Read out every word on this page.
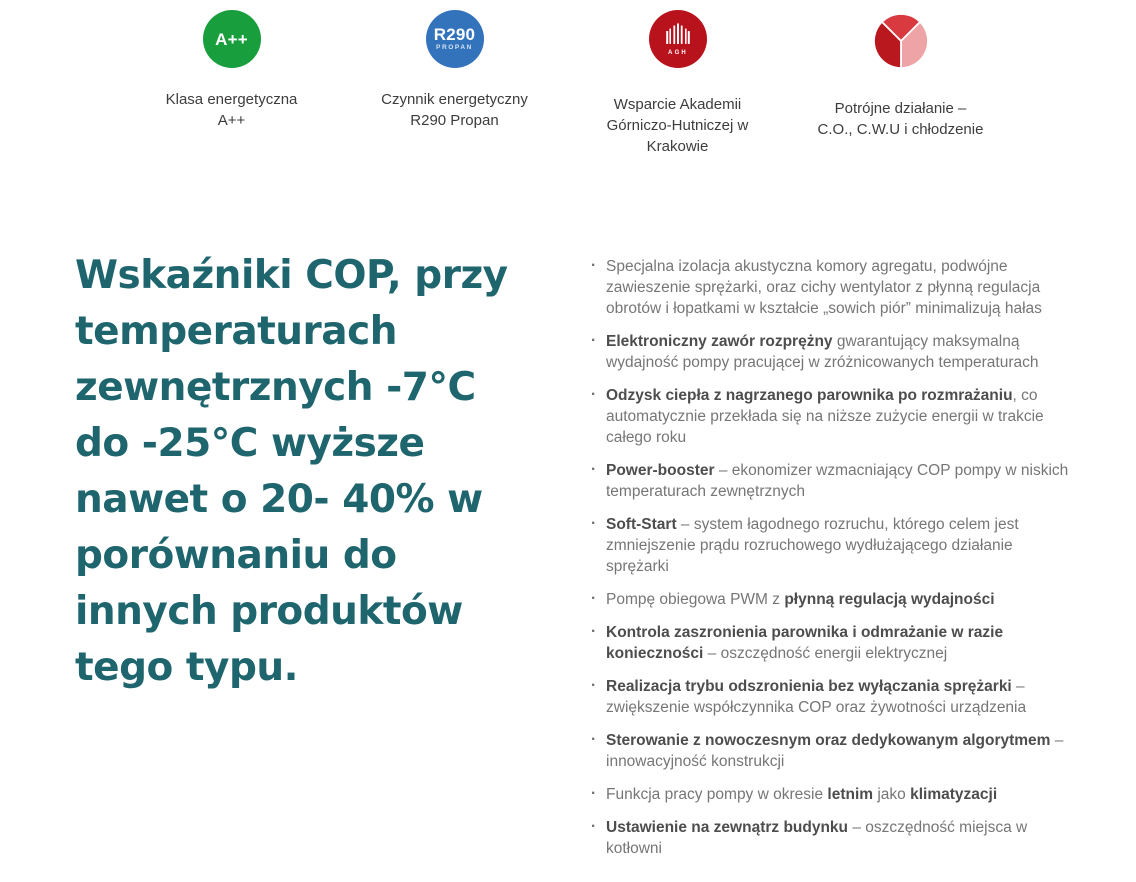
A++
Klasa energetyczna
A++
R290
PROPAN
Czynnik energetyczny
R290 Propan
AGH
Wsparcie Akademii
Górniczo-Hutniczej w
Krakowie
Potrójne działanie –
C.O., C.W.U i chłodzenie
Wskaźniki COP, przy
temperaturach
zewnętrznych -7°C
do -25°C wyższe
nawet o 20- 40% w
porównaniu do
innych produktów
tego typu.
· Specjalna izolacja akustyczna komory agregatu, podwójne zawieszenie sprężarki, oraz cichy wentylator z płynną regulacja obrotów i łopatkami w kształcie „sowich piór” minimalizują hałas
· Elektroniczny zawór rozprężny gwarantujący maksymalną wydajność pompy pracującej w zróżnicowanych temperaturach
· Odzysk ciepła z nagrzanego parownika po rozmrażaniu, co automatycznie przekłada się na niższe zużycie energii w trakcie całego roku
· Power-booster – ekonomizer wzmacniający COP pompy w niskich temperaturach zewnętrznych
· Soft-Start – system łagodnego rozruchu, którego celem jest zmniejszenie prądu rozruchowego wydłużającego działanie sprężarki
· Pompę obiegowa PWM z płynną regulacją wydajności
· Kontrola zaszronienia parownika i odmrażanie w razie konieczności – oszczędność energii elektrycznej
· Realizacja trybu odszronienia bez wyłączania sprężarki – zwiększenie współczynnika COP oraz żywotności urządzenia
· Sterowanie z nowoczesnym oraz dedykowanym algorytmem – innowacyjność konstrukcji
· Funkcja pracy pompy w okresie letnim jako klimatyzacji
· Ustawienie na zewnątrz budynku – oszczędność miejsca w kotłowni
